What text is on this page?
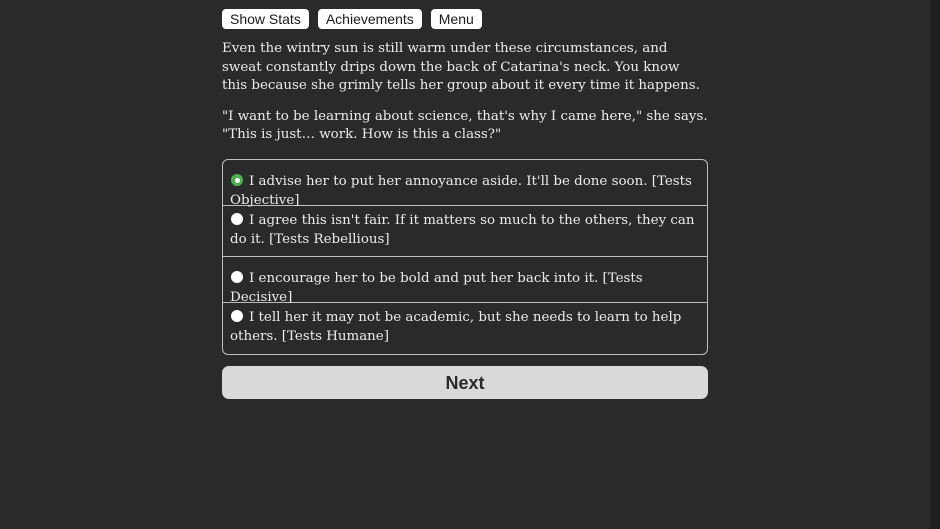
Show Stats	Achievements	Menu

Even the wintry sun is still warm under these circumstances, and sweat constantly drips down the back of Catarina's neck. You know this because she grimly tells her group about it every time it happens.

"I want to be learning about science, that's why I came here," she says. "This is just… work. How is this a class?"

I advise her to put her annoyance aside. It'll be done soon. [Tests Objective]
I agree this isn't fair. If it matters so much to the others, they can do it. [Tests Rebellious]
I encourage her to be bold and put her back into it. [Tests Decisive]
I tell her it may not be academic, but she needs to learn to help others. [Tests Humane]
Next
